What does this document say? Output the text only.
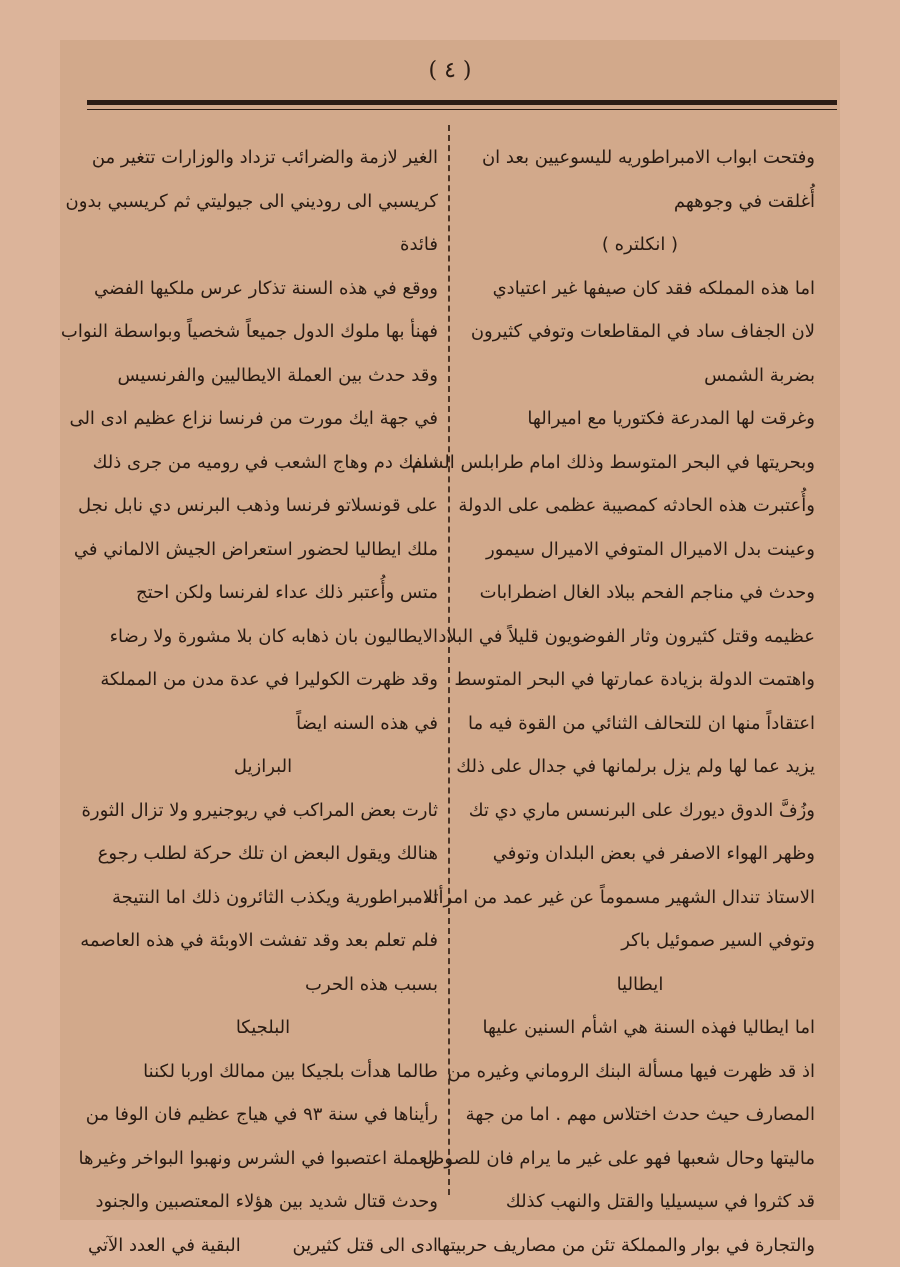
( ٤ )
وفتحت ابواب الامبراطوريه لليسوعيين بعد ان
أُغلقت في وجوههم
( انكلتره )
اما هذه المملكه فقد كان صيفها غير اعتيادي
لان الجفاف ساد في المقاطعات وتوفي كثيرون
بضربة الشمس
وغرقت لها المدرعة فكتوريا مع اميرالها
وبحريتها في البحر المتوسط وذلك امام طرابلس الشام
وأُعتبرت هذه الحادثه كمصيبة عظمى على الدولة
وعينت بدل الاميرال المتوفي الاميرال سيمور
وحدث في مناجم الفحم ببلاد الغال اضطرابات
عظيمه وقتل كثيرون وثار الفوضويون قليلاً في البلاد
واهتمت الدولة بزيادة عمارتها في البحر المتوسط
اعتقاداً منها ان للتحالف الثنائي من القوة فيه ما
يزيد عما لها ولم يزل برلمانها في جدال على ذلك
وزُفَّ الدوق ديورك على البرنسس ماري دي تك
وظهر الهواء الاصفر في بعض البلدان وتوفي
الاستاذ تندال الشهير مسموماً عن غير عمد من امرأته
وتوفي السير صموئيل باكر
ايطاليا
اما ايطاليا فهذه السنة هي اشأم السنين عليها
اذ قد ظهرت فيها مسألة البنك الروماني وغيره من
المصارف حيث حدث اختلاس مهم . اما من جهة
ماليتها وحال شعبها فهو على غير ما يرام فان للصوص
قد كثروا في سيسيليا والقتل والنهب كذلك
والتجارة في بوار والمملكة تئن من مصاريف حربيتها
الغير لازمة والضرائب تزداد والوزارات تتغير من
كريسبي الى روديني الى جيوليتي ثم كريسبي بدون
فائدة
ووقع في هذه السنة تذكار عرس ملكيها الفضي
فهنأ بها ملوك الدول جميعاً شخصياً وبواسطة النواب
وقد حدث بين العملة الايطاليين والفرنسيس
في جهة ايك مورت من فرنسا نزاع عظيم ادى الى
سفك دم وهاج الشعب في روميه من جرى ذلك
على قونسلاتو فرنسا وذهب البرنس دي نابل نجل
ملك ايطاليا لحضور استعراض الجيش الالماني في
متس وأُعتبر ذلك عداء لفرنسا ولكن احتج
الايطاليون بان ذهابه كان بلا مشورة ولا رضاء
وقد ظهرت الكوليرا في عدة مدن من المملكة
في هذه السنه ايضاً
البرازيل
ثارت بعض المراكب في ريوجنيرو ولا تزال الثورة
هنالك ويقول البعض ان تلك حركة لطلب رجوع
الامبراطورية ويكذب الثائرون ذلك اما النتيجة
فلم تعلم بعد وقد تفشت الاوبئة في هذه العاصمه
بسبب هذه الحرب
البلجيكا
طالما هدأت بلجيكا بين ممالك اوربا لكننا
رأيناها في سنة ٩٣ في هياج عظيم فان الوفا من
العملة اعتصبوا في الشرس ونهبوا البواخر وغيرها
وحدث قتال شديد بين هؤلاء المعتصبين والجنود
ادى الى قتل كثيرين
البقية في العدد الآتي
